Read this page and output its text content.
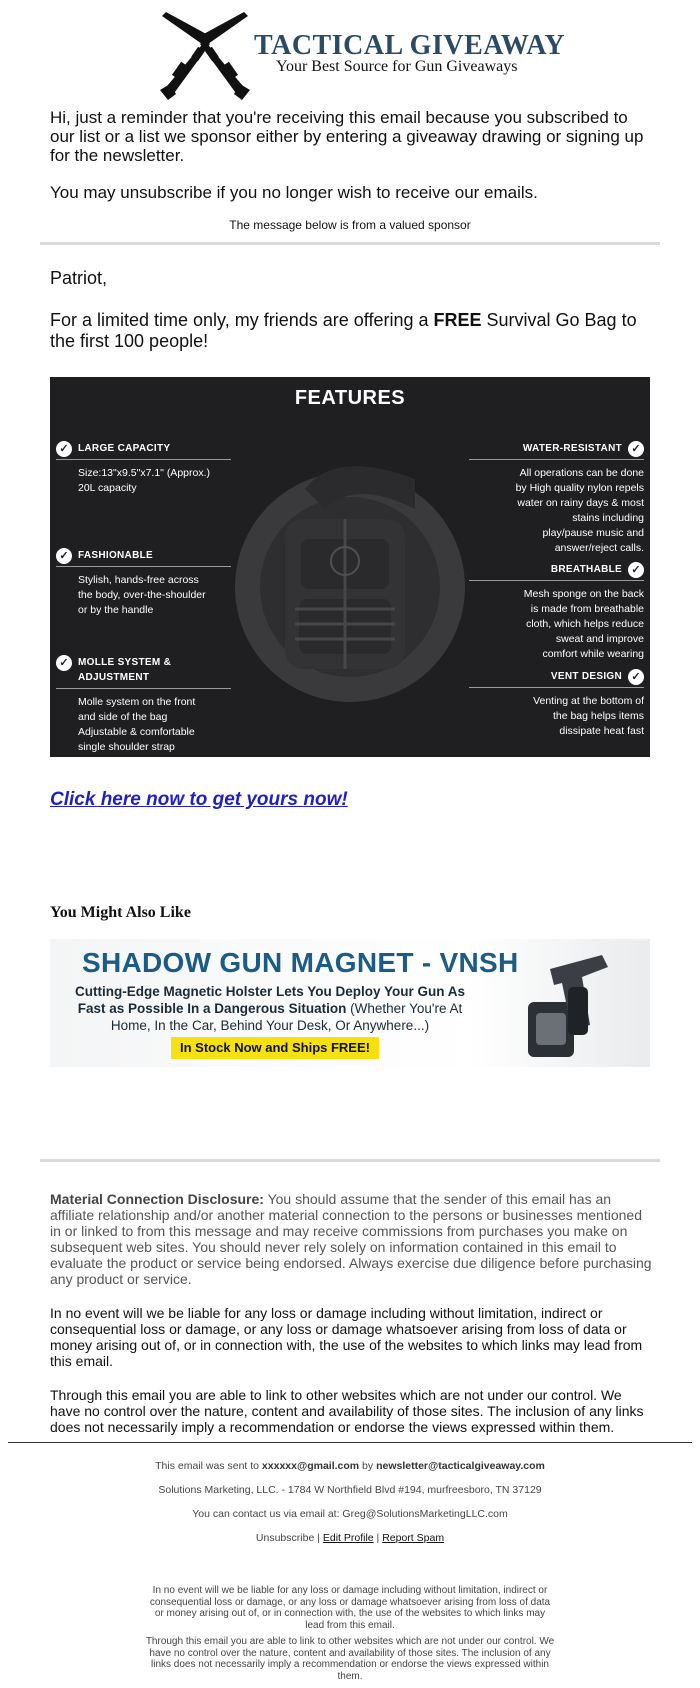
TACTICAL GIVEAWAY
Your Best Source for Gun Giveaways
Hi, just a reminder that you're receiving this email because you subscribed to our list or a list we sponsor either by entering a giveaway drawing or signing up for the newsletter.
You may unsubscribe if you no longer wish to receive our emails.
The message below is from a valued sponsor
Patriot,
For a limited time only, my friends are offering a FREE Survival Go Bag to the first 100 people!
FEATURES
✓ LARGE CAPACITY
Size:13"x9.5"x7.1" (Approx.)
20L capacity
✓ FASHIONABLE
Stylish, hands-free across
the body, over-the-shoulder
or by the handle
✓ MOLLE SYSTEM &
ADJUSTMENT
Molle system on the front
and side of the bag
Adjustable & comfortable
single shoulder strap
✓
WATER-RESISTANT
All operations can be done
by High quality nylon repels
water on rainy days & most
stains including
play/pause music and
answer/reject calls.
✓
BREATHABLE
Mesh sponge on the back
is made from breathable
cloth, which helps reduce
sweat and improve
comfort while wearing
✓
VENT DESIGN
Venting at the bottom of
the bag helps items
dissipate heat fast
Click here now to get yours now!
You Might Also Like
SHADOW GUN MAGNET - VNSH
Cutting-Edge Magnetic Holster Lets You Deploy Your Gun As Fast as Possible In a Dangerous Situation (Whether You're At Home, In the Car, Behind Your Desk, Or Anywhere...)
In Stock Now and Ships FREE!
Material Connection Disclosure: You should assume that the sender of this email has an affiliate relationship and/or another material connection to the persons or businesses mentioned in or linked to from this message and may receive commissions from purchases you make on subsequent web sites. You should never rely solely on information contained in this email to evaluate the product or service being endorsed. Always exercise due diligence before purchasing any product or service.
In no event will we be liable for any loss or damage including without limitation, indirect or consequential loss or damage, or any loss or damage whatsoever arising from loss of data or money arising out of, or in connection with, the use of the websites to which links may lead from this email.
Through this email you are able to link to other websites which are not under our control. We have no control over the nature, content and availability of those sites. The inclusion of any links does not necessarily imply a recommendation or endorse the views expressed within them.
This email was sent to xxxxxx@gmail.com by newsletter@tacticalgiveaway.com
Solutions Marketing, LLC. - 1784 W Northfield Blvd #194, murfreesboro, TN 37129
You can contact us via email at: Greg@SolutionsMarketingLLC.com
Unsubscribe | Edit Profile | Report Spam
In no event will we be liable for any loss or damage including without limitation, indirect or consequential loss or damage, or any loss or damage whatsoever arising from loss of data or money arising out of, or in connection with, the use of the websites to which links may lead from this email.
Through this email you are able to link to other websites which are not under our control. We have no control over the nature, content and availability of those sites. The inclusion of any links does not necessarily imply a recommendation or endorse the views expressed within them.
